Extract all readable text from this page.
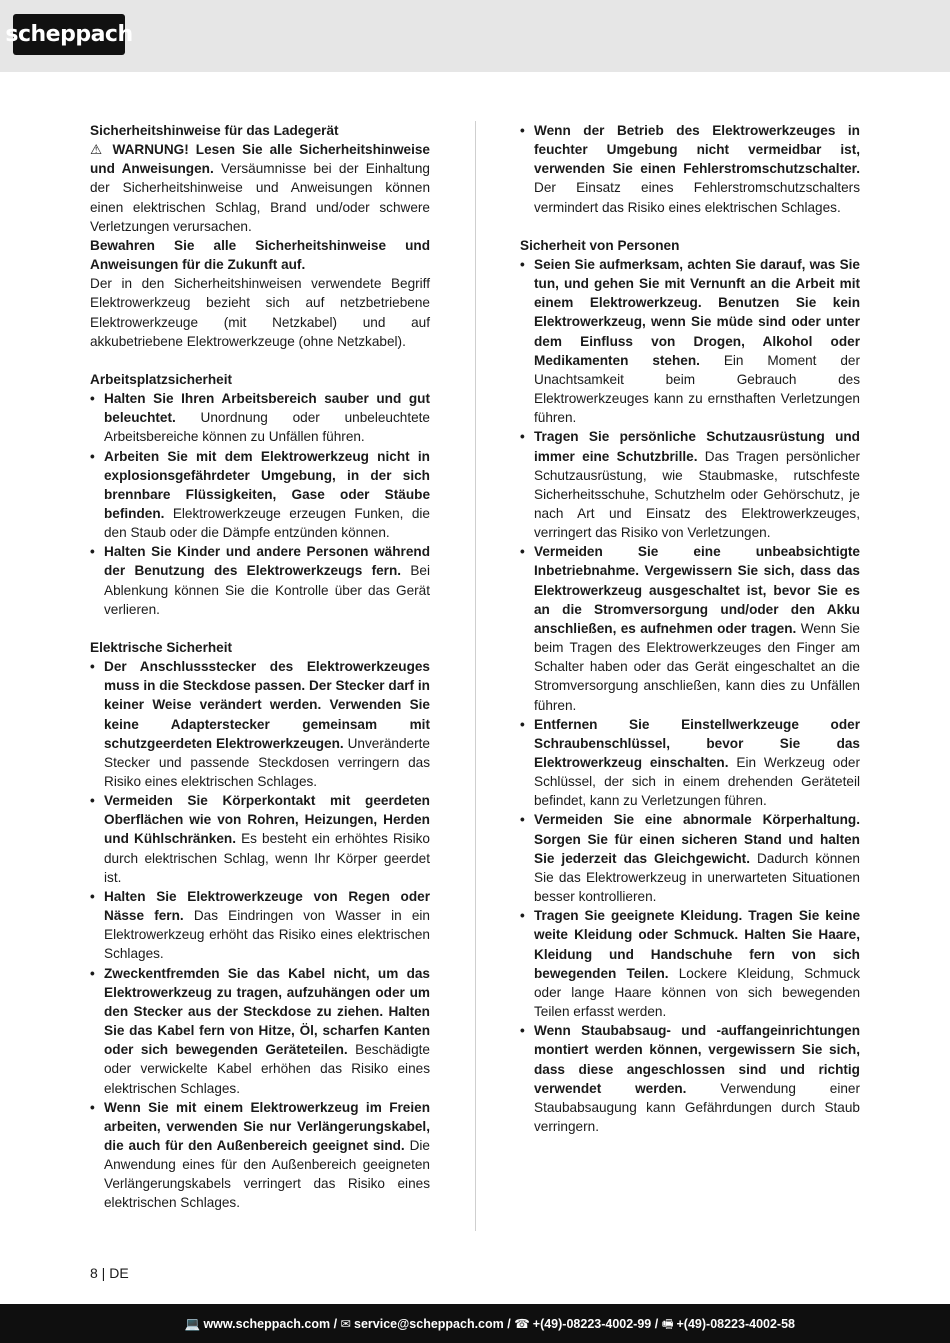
scheppach
Sicherheitshinweise für das Ladegerät
⚠ WARNUNG! Lesen Sie alle Sicherheitshinweise und Anweisungen. Versäumnisse bei der Einhaltung der Sicherheitshinweise und Anweisungen können einen elektrischen Schlag, Brand und/oder schwere Verletzungen verursachen.
Bewahren Sie alle Sicherheitshinweise und Anweisungen für die Zukunft auf.
Der in den Sicherheitshinweisen verwendete Begriff Elektrowerkzeug bezieht sich auf netzbetriebene Elektrowerkzeuge (mit Netzkabel) und auf akkubetriebene Elektrowerkzeuge (ohne Netzkabel).
Arbeitsplatzsicherheit
• Halten Sie Ihren Arbeitsbereich sauber und gut beleuchtet. Unordnung oder unbeleuchtete Arbeitsbereiche können zu Unfällen führen.
• Arbeiten Sie mit dem Elektrowerkzeug nicht in explosionsgefährdeter Umgebung, in der sich brennbare Flüssigkeiten, Gase oder Stäube befinden. Elektrowerkzeuge erzeugen Funken, die den Staub oder die Dämpfe entzünden können.
• Halten Sie Kinder und andere Personen während der Benutzung des Elektrowerkzeugs fern. Bei Ablenkung können Sie die Kontrolle über das Gerät verlieren.
Elektrische Sicherheit
• Der Anschlussstecker des Elektrowerkzeuges muss in die Steckdose passen. Der Stecker darf in keiner Weise verändert werden. Verwenden Sie keine Adapterstecker gemeinsam mit schutzgeerdeten Elektrowerkzeugen. Unveränderte Stecker und passende Steckdosen verringern das Risiko eines elektrischen Schlages.
• Vermeiden Sie Körperkontakt mit geerdeten Oberflächen wie von Rohren, Heizungen, Herden und Kühlschränken. Es besteht ein erhöhtes Risiko durch elektrischen Schlag, wenn Ihr Körper geerdet ist.
• Halten Sie Elektrowerkzeuge von Regen oder Nässe fern. Das Eindringen von Wasser in ein Elektrowerkzeug erhöht das Risiko eines elektrischen Schlages.
• Zweckentfremden Sie das Kabel nicht, um das Elektrowerkzeug zu tragen, aufzuhängen oder um den Stecker aus der Steckdose zu ziehen. Halten Sie das Kabel fern von Hitze, Öl, scharfen Kanten oder sich bewegenden Geräteteilen. Beschädigte oder verwickelte Kabel erhöhen das Risiko eines elektrischen Schlages.
• Wenn Sie mit einem Elektrowerkzeug im Freien arbeiten, verwenden Sie nur Verlängerungskabel, die auch für den Außenbereich geeignet sind. Die Anwendung eines für den Außenbereich geeigneten Verlängerungskabels verringert das Risiko eines elektrischen Schlages.
• Wenn der Betrieb des Elektrowerkzeuges in feuchter Umgebung nicht vermeidbar ist, verwenden Sie einen Fehlerstromschutzschalter. Der Einsatz eines Fehlerstromschutzschalters vermindert das Risiko eines elektrischen Schlages.
Sicherheit von Personen
• Seien Sie aufmerksam, achten Sie darauf, was Sie tun, und gehen Sie mit Vernunft an die Arbeit mit einem Elektrowerkzeug. Benutzen Sie kein Elektrowerkzeug, wenn Sie müde sind oder unter dem Einfluss von Drogen, Alkohol oder Medikamenten stehen. Ein Moment der Unachtsamkeit beim Gebrauch des Elektrowerkzeuges kann zu ernsthaften Verletzungen führen.
• Tragen Sie persönliche Schutzausrüstung und immer eine Schutzbrille. Das Tragen persönlicher Schutzausrüstung, wie Staubmaske, rutschfeste Sicherheitsschuhe, Schutzhelm oder Gehörschutz, je nach Art und Einsatz des Elektrowerkzeuges, verringert das Risiko von Verletzungen.
• Vermeiden Sie eine unbeabsichtigte Inbetriebnahme. Vergewissern Sie sich, dass das Elektrowerkzeug ausgeschaltet ist, bevor Sie es an die Stromversorgung und/oder den Akku anschließen, es aufnehmen oder tragen. Wenn Sie beim Tragen des Elektrowerkzeuges den Finger am Schalter haben oder das Gerät eingeschaltet an die Stromversorgung anschließen, kann dies zu Unfällen führen.
• Entfernen Sie Einstellwerkzeuge oder Schraubenschlüssel, bevor Sie das Elektrowerkzeug einschalten. Ein Werkzeug oder Schlüssel, der sich in einem drehenden Geräteteil befindet, kann zu Verletzungen führen.
• Vermeiden Sie eine abnormale Körperhaltung. Sorgen Sie für einen sicheren Stand und halten Sie jederzeit das Gleichgewicht. Dadurch können Sie das Elektrowerkzeug in unerwarteten Situationen besser kontrollieren.
• Tragen Sie geeignete Kleidung. Tragen Sie keine weite Kleidung oder Schmuck. Halten Sie Haare, Kleidung und Handschuhe fern von sich bewegenden Teilen. Lockere Kleidung, Schmuck oder lange Haare können von sich bewegenden Teilen erfasst werden.
• Wenn Staubabsaug- und -auffangeinrichtungen montiert werden können, vergewissern Sie sich, dass diese angeschlossen sind und richtig verwendet werden. Verwendung einer Staubabsaugung kann Gefährdungen durch Staub verringern.
8 | DE
💻 www.scheppach.com / ✉ service@scheppach.com / ☎ +(49)-08223-4002-99 / 🖷 +(49)-08223-4002-58
